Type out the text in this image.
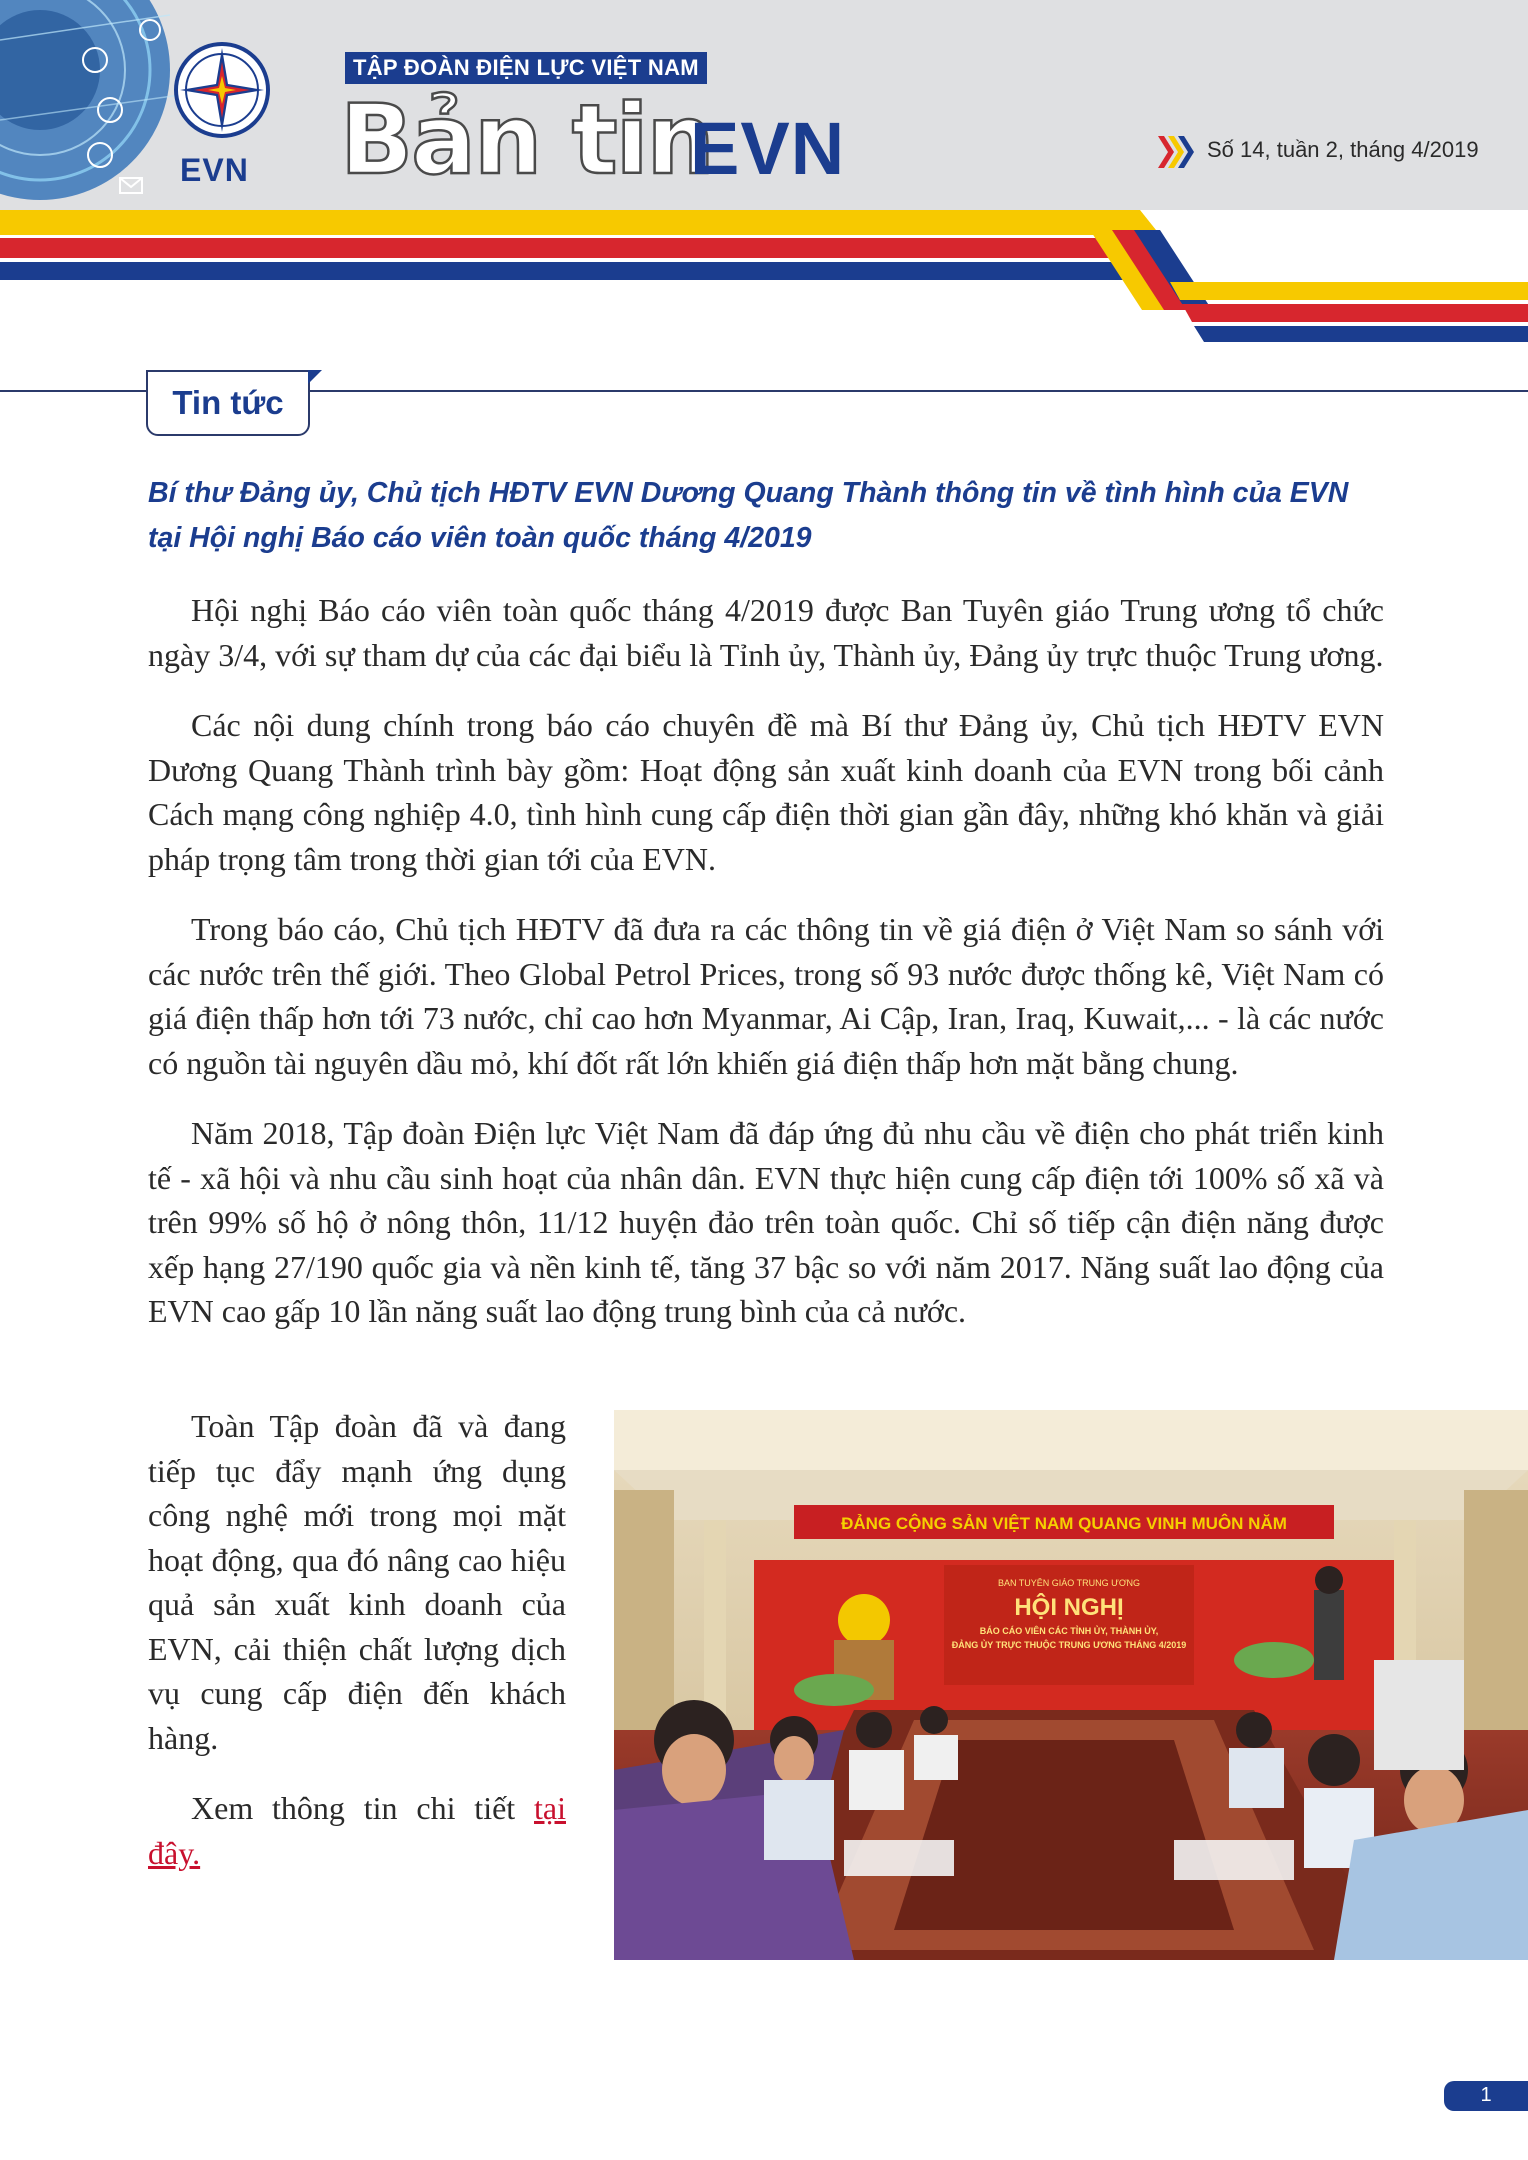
EVN
TẬP ĐOÀN ĐIỆN LỰC VIỆT NAM
Bản tin
EVN	Số 14, tuần 2, tháng 4/2019
Tin tức
Bí thư Đảng ủy, Chủ tịch HĐTV EVN Dương Quang Thành thông tin về tình hình của EVN tại Hội nghị Báo cáo viên toàn quốc tháng 4/2019

Hội nghị Báo cáo viên toàn quốc tháng 4/2019 được Ban Tuyên giáo Trung ương tổ chức ngày 3/4, với sự tham dự của các đại biểu là Tỉnh ủy, Thành ủy, Đảng ủy trực thuộc Trung ương.

Các nội dung chính trong báo cáo chuyên đề mà Bí thư Đảng ủy, Chủ tịch HĐTV EVN Dương Quang Thành trình bày gồm: Hoạt động sản xuất kinh doanh của EVN trong bối cảnh Cách mạng công nghiệp 4.0, tình hình cung cấp điện thời gian gần đây, những khó khăn và giải pháp trọng tâm trong thời gian tới của EVN.

Trong báo cáo, Chủ tịch HĐTV đã đưa ra các thông tin về giá điện ở Việt Nam so sánh với các nước trên thế giới. Theo Global Petrol Prices, trong số 93 nước được thống kê, Việt Nam có giá điện thấp hơn tới 73 nước, chỉ cao hơn Myanmar, Ai Cập, Iran, Iraq, Kuwait,... - là các nước có nguồn tài nguyên dầu mỏ, khí đốt rất lớn khiến giá điện thấp hơn mặt bằng chung.

Năm 2018, Tập đoàn Điện lực Việt Nam đã đáp ứng đủ nhu cầu về điện cho phát triển kinh tế - xã hội và nhu cầu sinh hoạt của nhân dân. EVN thực hiện cung cấp điện tới 100% số xã và trên 99% số hộ ở nông thôn, 11/12 huyện đảo trên toàn quốc. Chỉ số tiếp cận điện năng được xếp hạng 27/190 quốc gia và nền kinh tế, tăng 37 bậc so với năm 2017. Năng suất lao động của EVN cao gấp 10 lần năng suất lao động trung bình của cả nước.

Toàn Tập đoàn đã và đang tiếp tục đẩy mạnh ứng dụng công nghệ mới trong mọi mặt hoạt động, qua đó nâng cao hiệu quả sản xuất kinh doanh của EVN, cải thiện chất lượng dịch vụ cung cấp điện đến khách hàng.

Xem thông tin chi tiết tại đây.

ĐẢNG CỘNG SẢN VIỆT NAM QUANG VINH MUÔN NĂM
BAN TUYÊN GIÁO TRUNG ƯƠNG
HỘI NGHỊ
BÁO CÁO VIÊN CÁC TỈNH ỦY, THÀNH ỦY,
ĐẢNG ỦY TRỰC THUỘC TRUNG ƯƠNG THÁNG 4/2019
1
